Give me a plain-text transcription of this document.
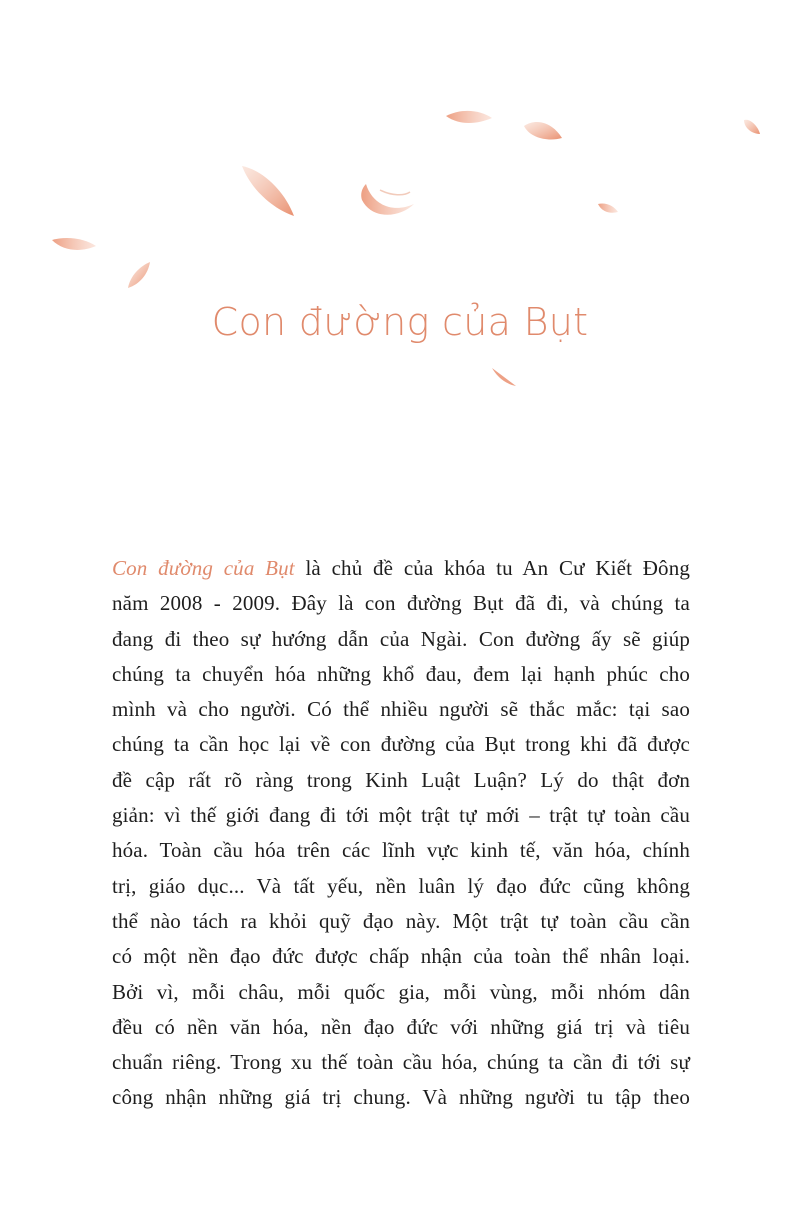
Con đường của Bụt
Con đường của Bụt là chủ đề của khóa tu An Cư Kiết Đông
năm 2008 - 2009. Đây là con đường Bụt đã đi, và chúng ta
đang đi theo sự hướng dẫn của Ngài. Con đường ấy sẽ giúp
chúng ta chuyển hóa những khổ đau, đem lại hạnh phúc cho
mình và cho người. Có thể nhiều người sẽ thắc mắc: tại sao
chúng ta cần học lại về con đường của Bụt trong khi đã được
đề cập rất rõ ràng trong Kinh Luật Luận? Lý do thật đơn
giản: vì thế giới đang đi tới một trật tự mới – trật tự toàn cầu
hóa. Toàn cầu hóa trên các lĩnh vực kinh tế, văn hóa, chính
trị, giáo dục... Và tất yếu, nền luân lý đạo đức cũng không
thể nào tách ra khỏi quỹ đạo này. Một trật tự toàn cầu cần
có một nền đạo đức được chấp nhận của toàn thể nhân loại.
Bởi vì, mỗi châu, mỗi quốc gia, mỗi vùng, mỗi nhóm dân
đều có nền văn hóa, nền đạo đức với những giá trị và tiêu
chuẩn riêng. Trong xu thế toàn cầu hóa, chúng ta cần đi tới sự
công nhận những giá trị chung. Và những người tu tập theo
